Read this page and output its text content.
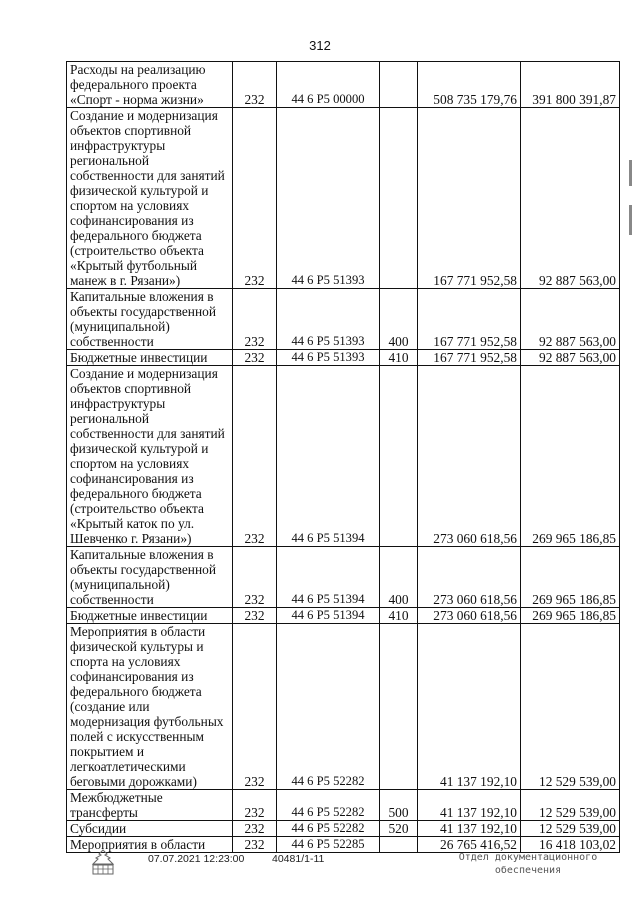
312
Расходы на реализацию федерального проекта «Спорт - норма жизни»	232	44 6 Р5 00000		508 735 179,76	391 800 391,87
Создание и модернизация объектов спортивной инфраструктуры региональной собственности для занятий физической культурой и спортом на условиях софинансирования из федерального бюджета (строительство объекта «Крытый футбольный манеж в г. Рязани»)	232	44 6 Р5 51393		167 771 952,58	92 887 563,00
Капитальные вложения в объекты государственной (муниципальной) собственности	232	44 6 Р5 51393	400	167 771 952,58	92 887 563,00
Бюджетные инвестиции	232	44 6 Р5 51393	410	167 771 952,58	92 887 563,00
Создание и модернизация объектов спортивной инфраструктуры региональной собственности для занятий физической культурой и спортом на условиях софинансирования из федерального бюджета (строительство объекта «Крытый каток по ул. Шевченко г. Рязани»)	232	44 6 Р5 51394		273 060 618,56	269 965 186,85
Капитальные вложения в объекты государственной (муниципальной) собственности	232	44 6 Р5 51394	400	273 060 618,56	269 965 186,85
Бюджетные инвестиции	232	44 6 Р5 51394	410	273 060 618,56	269 965 186,85
Мероприятия в области физической культуры и спорта на условиях софинансирования из федерального бюджета (создание или модернизация футбольных полей с искусственным покрытием и легкоатлетическими беговыми дорожками)	232	44 6 Р5 52282		41 137 192,10	12 529 539,00
Межбюджетные трансферты	232	44 6 Р5 52282	500	41 137 192,10	12 529 539,00
Субсидии	232	44 6 Р5 52282	520	41 137 192,10	12 529 539,00
Мероприятия в области	232	44 6 Р5 52285		26 765 416,52	16 418 103,02
07.07.2021 12:23:00	40481/1-11	Отдел документационного
обеспечения
